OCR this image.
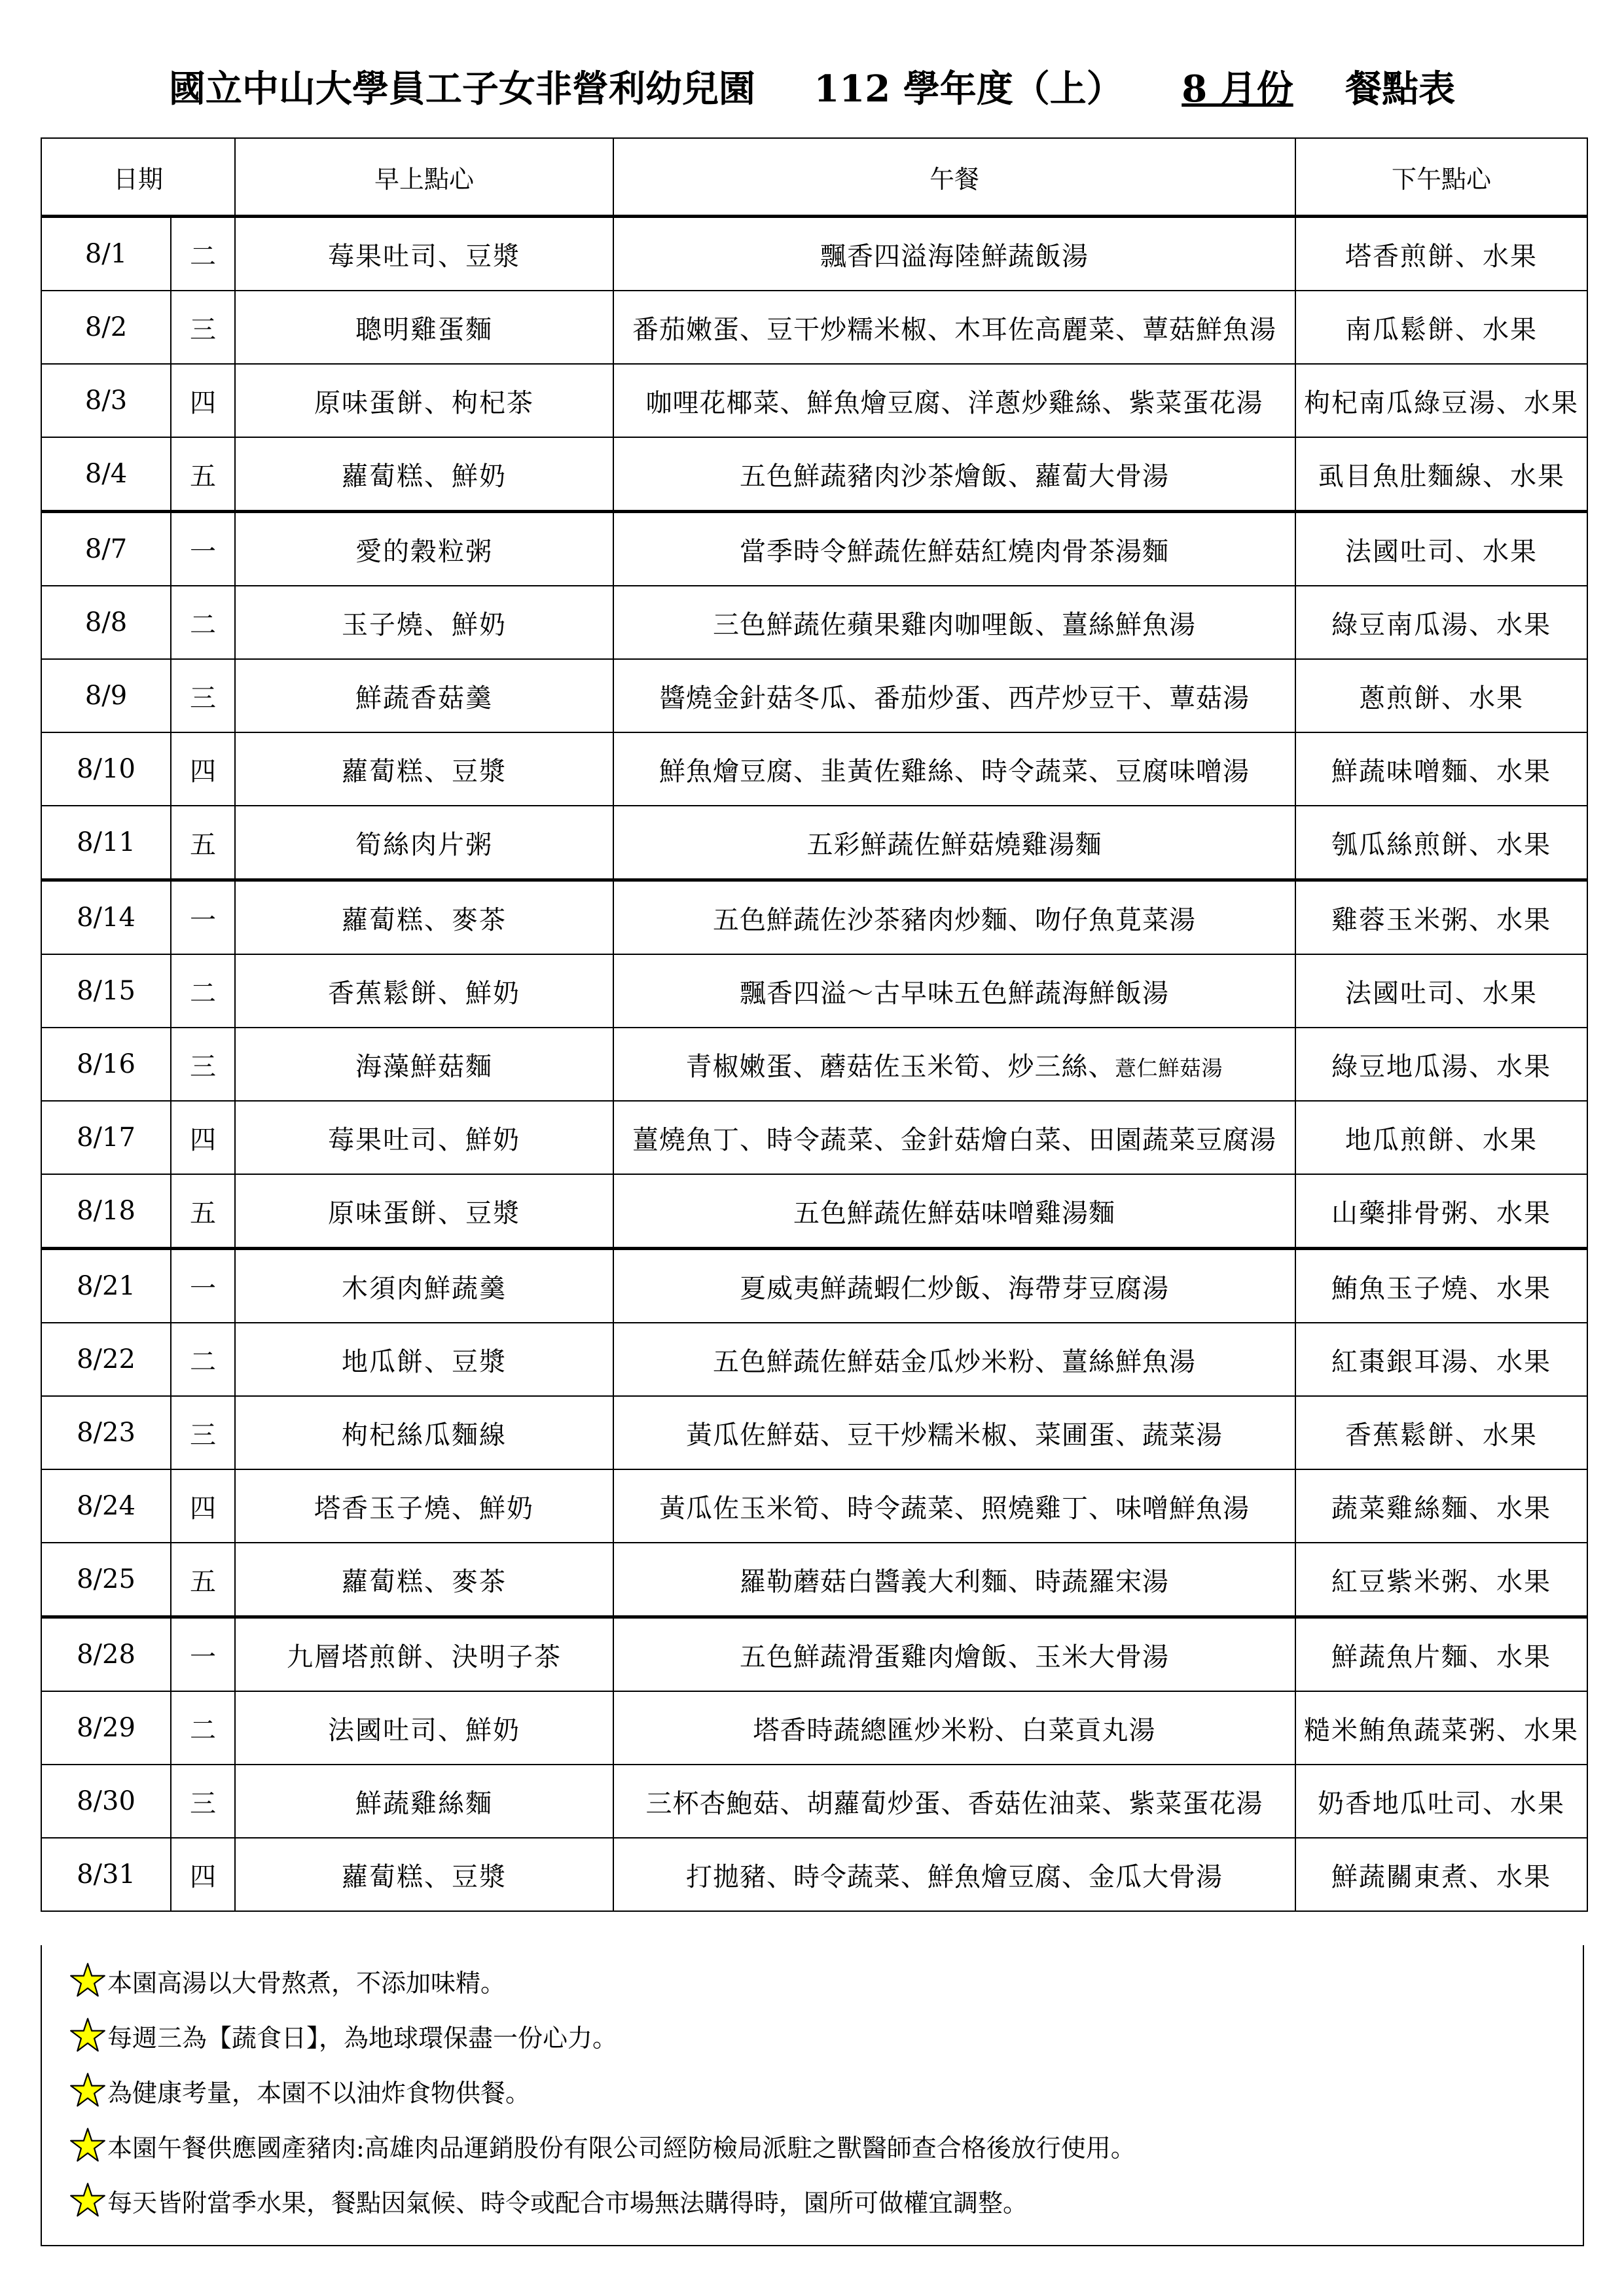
國立中山大學員工子女非營利幼兒園 112 學年度（上） 8 月份 餐點表
日期		早上點心	午餐	下午點心
8/1	二	莓果吐司、豆漿	飄香四溢海陸鮮蔬飯湯	塔香煎餅、水果
8/2	三	聰明雞蛋麵	番茄嫩蛋、豆干炒糯米椒、木耳佐高麗菜、蕈菇鮮魚湯	南瓜鬆餅、水果
8/3	四	原味蛋餅、枸杞茶	咖哩花椰菜、鮮魚燴豆腐、洋蔥炒雞絲、紫菜蛋花湯	枸杞南瓜綠豆湯、水果
8/4	五	蘿蔔糕、鮮奶	五色鮮蔬豬肉沙茶燴飯、蘿蔔大骨湯	虱目魚肚麵線、水果
8/7	一	愛的穀粒粥	當季時令鮮蔬佐鮮菇紅燒肉骨茶湯麵	法國吐司、水果
8/8	二	玉子燒、鮮奶	三色鮮蔬佐蘋果雞肉咖哩飯、薑絲鮮魚湯	綠豆南瓜湯、水果
8/9	三	鮮蔬香菇羹	醬燒金針菇冬瓜、番茄炒蛋、西芹炒豆干、蕈菇湯	蔥煎餅、水果
8/10	四	蘿蔔糕、豆漿	鮮魚燴豆腐、韭黃佐雞絲、時令蔬菜、豆腐味噌湯	鮮蔬味噌麵、水果
8/11	五	筍絲肉片粥	五彩鮮蔬佐鮮菇燒雞湯麵	瓠瓜絲煎餅、水果
8/14	一	蘿蔔糕、麥茶	五色鮮蔬佐沙茶豬肉炒麵、吻仔魚莧菜湯	雞蓉玉米粥、水果
8/15	二	香蕉鬆餅、鮮奶	飄香四溢～古早味五色鮮蔬海鮮飯湯	法國吐司、水果
8/16	三	海藻鮮菇麵	青椒嫩蛋、蘑菇佐玉米筍、炒三絲、薏仁鮮菇湯	綠豆地瓜湯、水果
8/17	四	莓果吐司、鮮奶	薑燒魚丁、時令蔬菜、金針菇燴白菜、田園蔬菜豆腐湯	地瓜煎餅、水果
8/18	五	原味蛋餅、豆漿	五色鮮蔬佐鮮菇味噌雞湯麵	山藥排骨粥、水果
8/21	一	木須肉鮮蔬羹	夏威夷鮮蔬蝦仁炒飯、海帶芽豆腐湯	鮪魚玉子燒、水果
8/22	二	地瓜餅、豆漿	五色鮮蔬佐鮮菇金瓜炒米粉、薑絲鮮魚湯	紅棗銀耳湯、水果
8/23	三	枸杞絲瓜麵線	黃瓜佐鮮菇、豆干炒糯米椒、菜圃蛋、蔬菜湯	香蕉鬆餅、水果
8/24	四	塔香玉子燒、鮮奶	黃瓜佐玉米筍、時令蔬菜、照燒雞丁、味噌鮮魚湯	蔬菜雞絲麵、水果
8/25	五	蘿蔔糕、麥茶	羅勒蘑菇白醬義大利麵、時蔬羅宋湯	紅豆紫米粥、水果
8/28	一	九層塔煎餅、決明子茶	五色鮮蔬滑蛋雞肉燴飯、玉米大骨湯	鮮蔬魚片麵、水果
8/29	二	法國吐司、鮮奶	塔香時蔬總匯炒米粉、白菜貢丸湯	糙米鮪魚蔬菜粥、水果
8/30	三	鮮蔬雞絲麵	三杯杏鮑菇、胡蘿蔔炒蛋、香菇佐油菜、紫菜蛋花湯	奶香地瓜吐司、水果
8/31	四	蘿蔔糕、豆漿	打拋豬、時令蔬菜、鮮魚燴豆腐、金瓜大骨湯	鮮蔬關東煮、水果
本園高湯以大骨熬煮，不添加味精。
每週三為【蔬食日】，為地球環保盡一份心力。
為健康考量，本園不以油炸食物供餐。
本園午餐供應國產豬肉:高雄肉品運銷股份有限公司經防檢局派駐之獸醫師查合格後放行使用。
每天皆附當季水果，餐點因氣候、時令或配合市場無法購得時，園所可做權宜調整。
